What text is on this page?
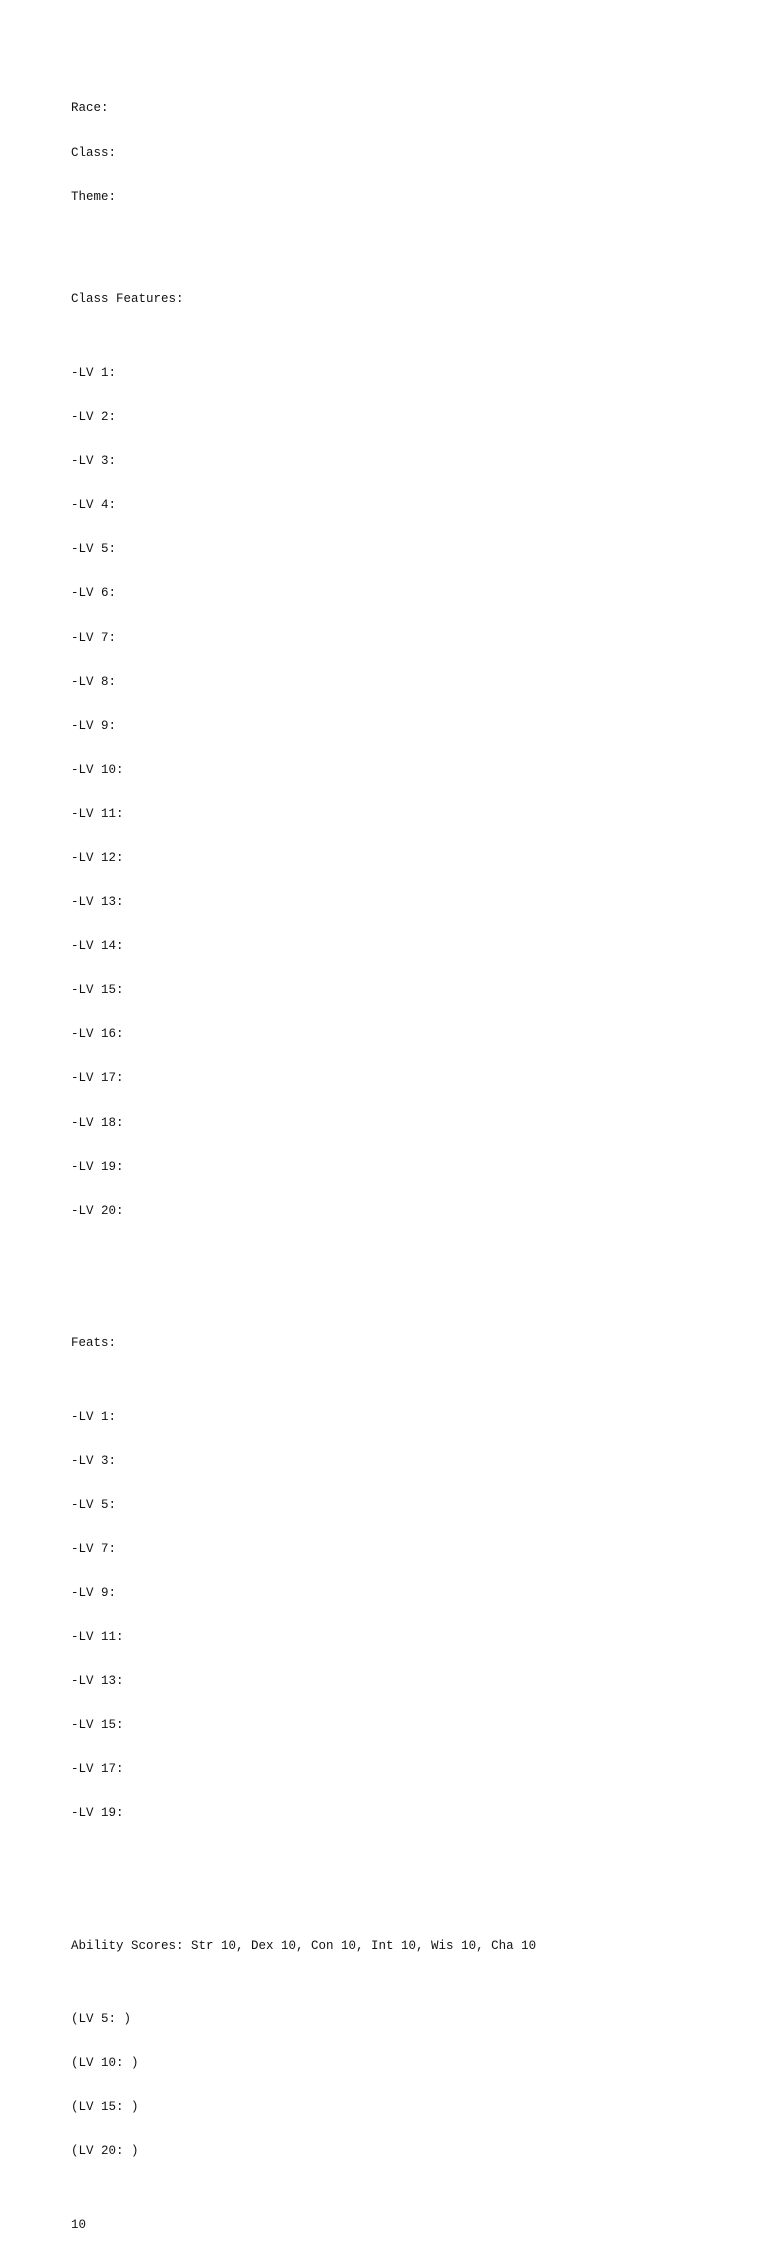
Race:

Class:

Theme:

Class Features:

-LV 1:

-LV 2:

-LV 3:

-LV 4:

-LV 5:

-LV 6:

-LV 7:

-LV 8:

-LV 9:

-LV 10:

-LV 11:

-LV 12:

-LV 13:

-LV 14:

-LV 15:

-LV 16:

-LV 17:

-LV 18:

-LV 19:

-LV 20:

Feats:

-LV 1:

-LV 3:

-LV 5:

-LV 7:

-LV 9:

-LV 11:

-LV 13:

-LV 15:

-LV 17:

-LV 19:

Ability Scores: Str 10, Dex 10, Con 10, Int 10, Wis 10, Cha 10

(LV 5: )

(LV 10: )

(LV 15: )

(LV 20: )

10
